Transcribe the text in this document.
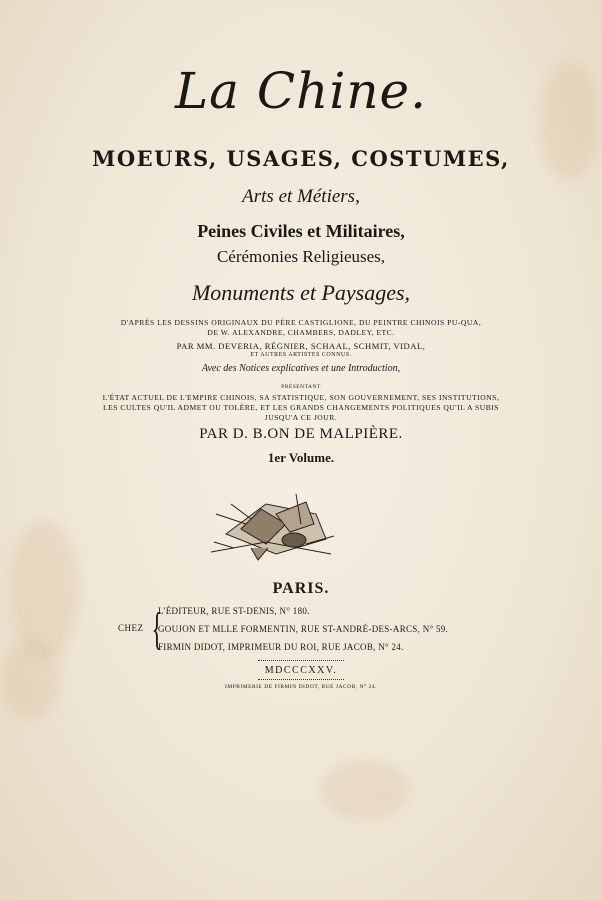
La Chine.
MOEURS, USAGES, COSTUMES,
Arts et Métiers,
Peines Civiles et Militaires,
Cérémonies Religieuses,
Monuments et Paysages,
D'APRÈS LES DESSINS ORIGINAUX DU PÈRE CASTIGLIONE, DU PEINTRE CHINOIS PU-QUA,
DE W. ALEXANDRE, CHAMBERS, DADLEY, ETC.
PAR MM. DEVERIA, RÉGNIER, SCHAAL, SCHMIT, VIDAL,
ET AUTRES ARTISTES CONNUS.
Avec des Notices explicatives et une Introduction,
PRÉSENTANT
L'ÉTAT ACTUEL DE L'EMPIRE CHINOIS, SA STATISTIQUE, SON GOUVERNEMENT, SES INSTITUTIONS,
LES CULTES QU'IL ADMET OU TOLÈRE, ET LES GRANDS CHANGEMENTS POLITIQUES QU'IL A SUBIS
JUSQU'A CE JOUR.
PAR D. B.ON DE MALPIÈRE.
1er Volume.
PARIS.
CHEZ {
L'ÉDITEUR, RUE ST-DENIS, N° 180.
GOUJON ET MLLE FORMENTIN, RUE ST-ANDRÉ-DES-ARCS, N° 59.
FIRMIN DIDOT, IMPRIMEUR DU ROI, RUE JACOB, N° 24.
MDCCCXXV.
IMPRIMERIE DE FIRMIN DIDOT, RUE JACOB, N° 24.
